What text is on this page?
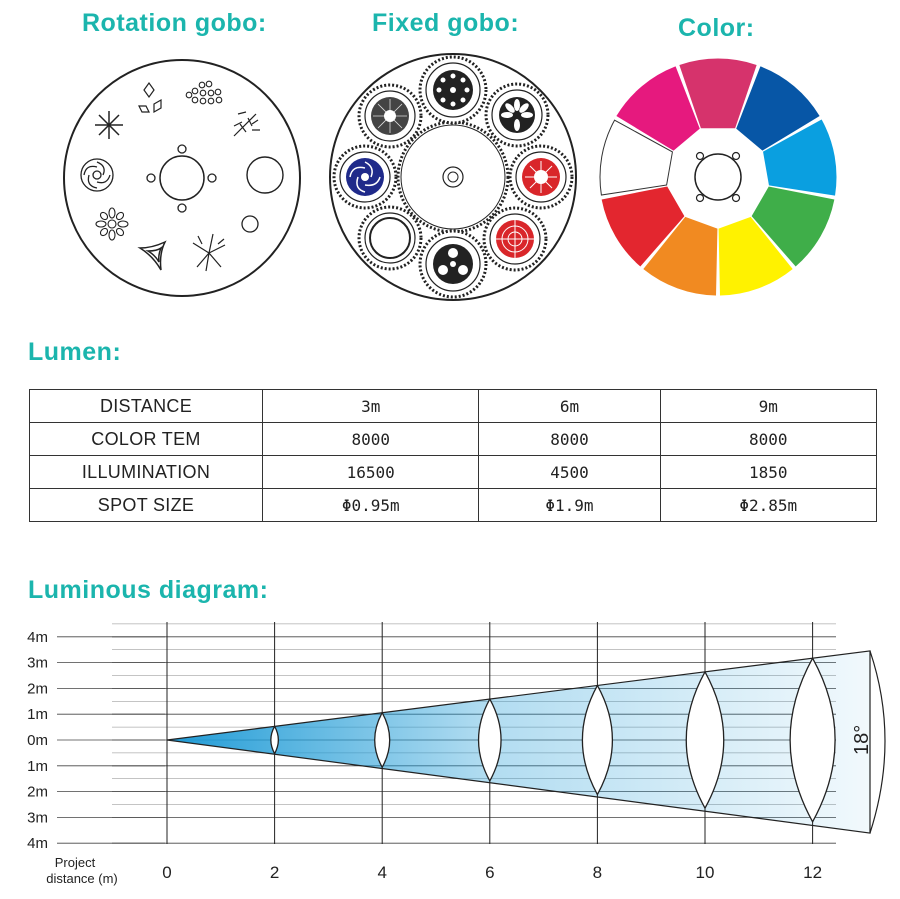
Rotation gobo:	Fixed gobo:	Color:
Lumen:
DISTANCE	3m	6m	9m
COLOR TEM	8000	8000	8000
ILLUMINATION	16500	4500	1850
SPOT SIZE	Φ0.95m	Φ1.9m	Φ2.85m
Luminous diagram:
18°
4m
3m
2m
1m
0m
1m
2m
3m
4m
0	2	4	6	8	10	12
Project
distance (m)
